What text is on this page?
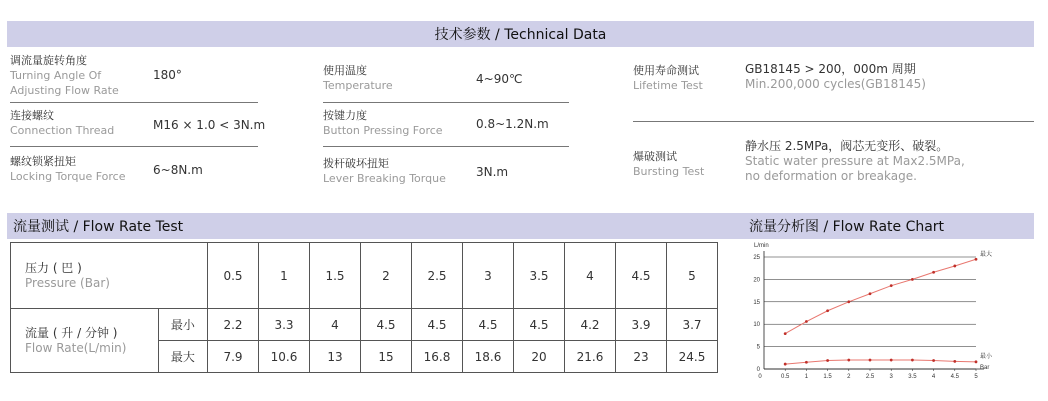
技术参数 / Technical Data
调流量旋转角度
Turning Angle Of
Adjusting Flow Rate
180°
连接螺纹
Connection Thread	M16 × 1.0 < 3N.m
螺纹锁紧扭矩
Locking Torque Force 6~8N.m
使用温度
Temperature	4~90℃
按键力度
Button Pressing Force	0.8~1.2N.m
拨杆破坏扭矩
Lever Breaking Torque	3N.m
使用寿命测试
Lifetime Test
GB18145 > 200，000m 周期
Min.200,000 cycles(GB18145)
爆破测试
Bursting Test
静水压 2.5MPa，阀芯无变形、破裂。
Static water pressure at Max2.5MPa,
no deformation or breakage.
流量测试 / Flow Rate Test	流量分析图 / Flow Rate Chart
压力 ( 巴 )
Pressure (Bar)		0.5	1	1.5	2	2.5	3	3.5	4	4.5	5

流量 ( 升 / 分钟 )
Flow Rate(L/min)	最小	2.2	3.3	4	4.5	4.5	4.5	4.5	4.2	3.9	3.7
	最大	7.9	10.6	13	15	16.8	18.6	20	21.6	23	24.5
L/min
0
5
10
15
20
25
0	0.5	1	1.5	2	2.5	3	3.5	4	4.5	5
Bar
最大
最小
